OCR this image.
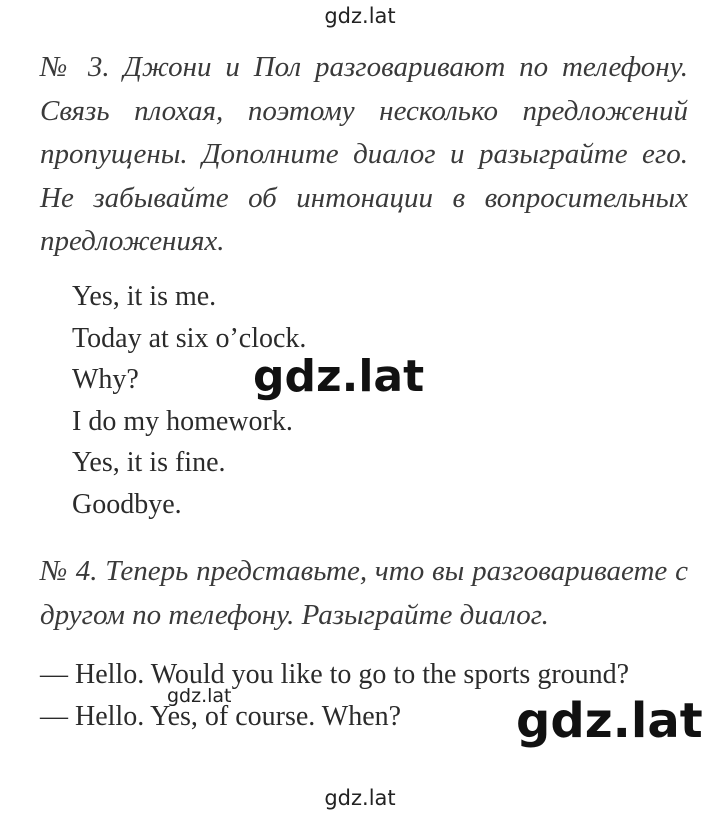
gdz.lat
№ 3. Джони и Пол разговаривают по телефону. Связь плохая, поэтому несколько предложений пропущены. Дополните диалог и разыграйте его. Не забывайте об интонации в вопросительных предложениях.
Yes, it is me.
Today at six o’clock.
Why?
I do my homework.
Yes, it is fine.
Goodbye.
gdz.lat
№ 4. Теперь представьте, что вы разговариваете с другом по телефону. Разыграйте диалог.
— Hello. Would you like to go to the sports ground?
— Hello. Yes, of course. When?
gdz.lat	gdz.lat
gdz.lat
